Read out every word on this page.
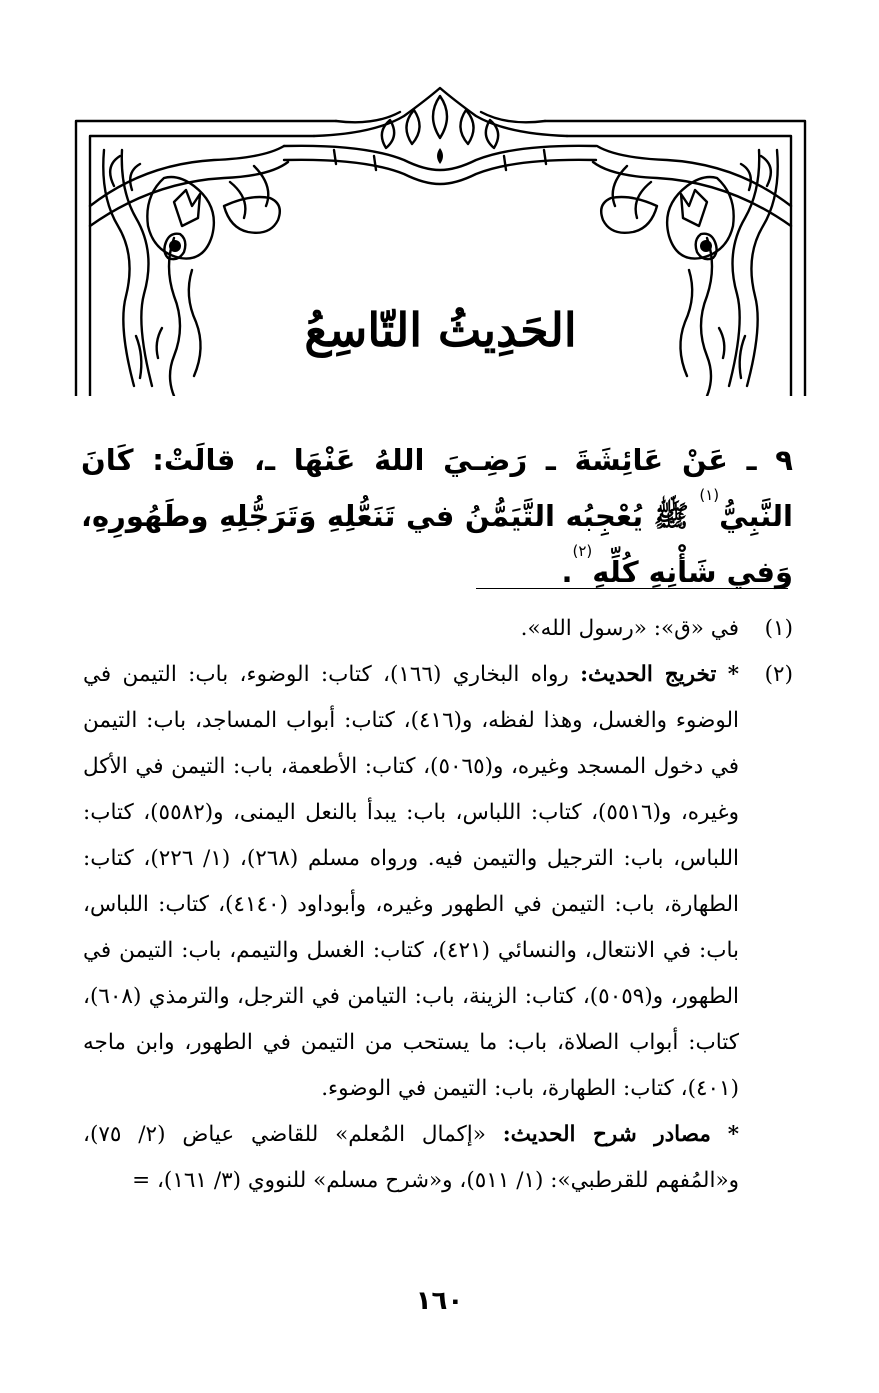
الحَدِيثُ التّاسِعُ
٩ ـ عَنْ عَائِشَةَ ـ رَضِـيَ اللهُ عَنْهَا ـ، قالَتْ: كَانَ النَّبِيُّ$^{(١)}$ ﷺ يُعْجِبُه التَّيَمُّنُ في تَنَعُّلِهِ وَتَرَجُّلِهِ وطَهُورِهِ، وَفي شَأْنِهِ كُلِّهِ$^{(٢)}$.
(١)

في «ق»: «رسول الله».

(٢)

* تخريج الحديث: رواه البخاري (١٦٦)، كتاب: الوضوء، باب: التيمن في الوضوء والغسل، وهذا لفظه، و(٤١٦)، كتاب: أبواب المساجد، باب: التيمن في دخول المسجد وغيره، و(٥٠٦٥)، كتاب: الأطعمة، باب: التيمن في الأكل وغيره، و(٥٥١٦)، كتاب: اللباس، باب: يبدأ بالنعل اليمنى، و(٥٥٨٢)، كتاب: اللباس، باب: الترجيل والتيمن فيه. ورواه مسلم (٢٦٨)، (١/ ٢٢٦)، كتاب: الطهارة، باب: التيمن في الطهور وغيره، وأبوداود (٤١٤٠)، كتاب: اللباس، باب: في الانتعال، والنسائي (٤٢١)، كتاب: الغسل والتيمم، باب: التيمن في الطهور، و(٥٠٥٩)، كتاب: الزينة، باب: التيامن في الترجل، والترمذي (٦٠٨)، كتاب: أبواب الصلاة، باب: ما يستحب من التيمن في الطهور، وابن ماجه (٤٠١)، كتاب: الطهارة، باب: التيمن في الوضوء.

* مصادر شرح الحديث: «إكمال المُعلم» للقاضي عياض (٢/ ٧٥)، و«المُفهم للقرطبي»: (١/ ٥١١)، و«شرح مسلم» للنووي (٣/ ١٦١)، =

١٦٠
